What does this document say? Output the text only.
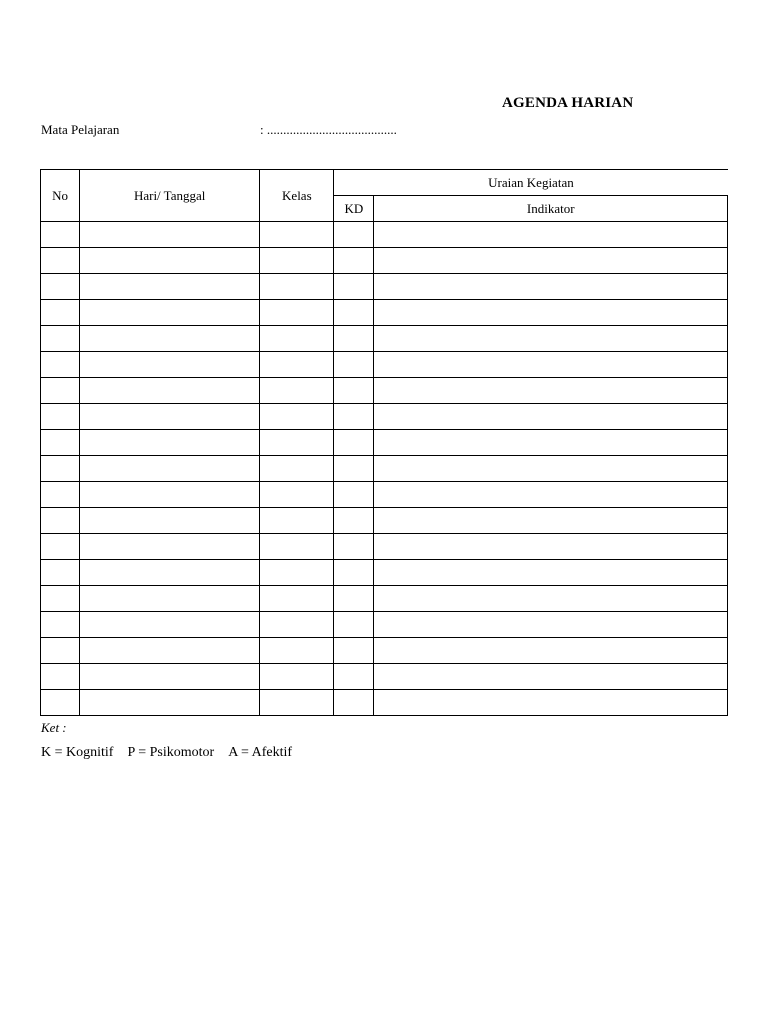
AGENDA HARIAN
Mata Pelajaran	: ........................................
No	Hari/ Tanggal	Kelas	Uraian Kegiatan	
			KD	Indikator

Ket :
K = Kognitif P = Psikomotor A = Afektif
